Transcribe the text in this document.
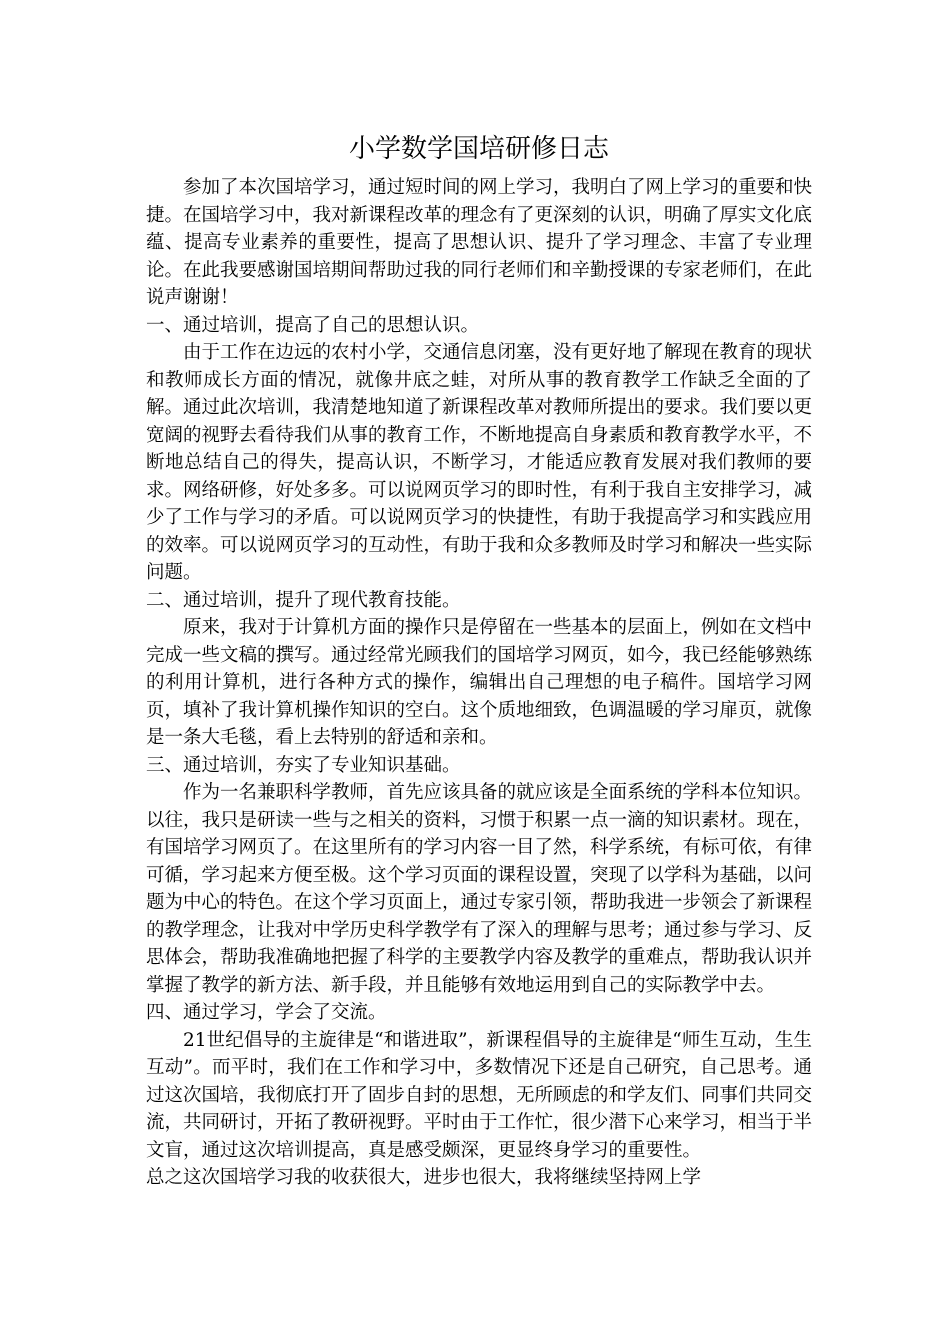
小学数学国培研修日志

参加了本次国培学习，通过短时间的网上学习，我明白了网上学习的重要和快捷。在国培学习中，我对新课程改革的理念有了更深刻的认识，明确了厚实文化底蕴、提高专业素养的重要性，提高了思想认识、提升了学习理念、丰富了专业理论。在此我要感谢国培期间帮助过我的同行老师们和辛勤授课的专家老师们，在此说声谢谢！

一、通过培训，提高了自己的思想认识。

由于工作在边远的农村小学，交通信息闭塞，没有更好地了解现在教育的现状和教师成长方面的情况，就像井底之蛙，对所从事的教育教学工作缺乏全面的了解。通过此次培训，我清楚地知道了新课程改革对教师所提出的要求。我们要以更宽阔的视野去看待我们从事的教育工作，不断地提高自身素质和教育教学水平，不断地总结自己的得失，提高认识，不断学习，才能适应教育发展对我们教师的要求。网络研修，好处多多。可以说网页学习的即时性，有利于我自主安排学习，减少了工作与学习的矛盾。可以说网页学习的快捷性，有助于我提高学习和实践应用的效率。可以说网页学习的互动性，有助于我和众多教师及时学习和解决一些实际问题。

二、通过培训，提升了现代教育技能。

原来，我对于计算机方面的操作只是停留在一些基本的层面上，例如在文档中完成一些文稿的撰写。通过经常光顾我们的国培学习网页，如今，我已经能够熟练的利用计算机，进行各种方式的操作，编辑出自己理想的电子稿件。国培学习网页，填补了我计算机操作知识的空白。这个质地细致，色调温暖的学习扉页，就像是一条大毛毯，看上去特别的舒适和亲和。

三、通过培训，夯实了专业知识基础。

作为一名兼职科学教师，首先应该具备的就应该是全面系统的学科本位知识。以往，我只是研读一些与之相关的资料，习惯于积累一点一滴的知识素材。现在，有国培学习网页了。在这里所有的学习内容一目了然，科学系统，有标可依，有律可循，学习起来方便至极。这个学习页面的课程设置，突现了以学科为基础，以问题为中心的特色。在这个学习页面上，通过专家引领，帮助我进一步领会了新课程的教学理念，让我对中学历史科学教学有了深入的理解与思考；通过参与学习、反思体会，帮助我准确地把握了科学的主要教学内容及教学的重难点，帮助我认识并掌握了教学的新方法、新手段，并且能够有效地运用到自己的实际教学中去。

四、通过学习，学会了交流。

21世纪倡导的主旋律是“和谐进取”，新课程倡导的主旋律是“师生互动，生生互动”。而平时，我们在工作和学习中，多数情况下还是自己研究，自己思考。通过这次国培，我彻底打开了固步自封的思想，无所顾虑的和学友们、同事们共同交流，共同研讨，开拓了教研视野。平时由于工作忙，很少潜下心来学习，相当于半文盲，通过这次培训提高，真是感受颇深，更显终身学习的重要性。

总之这次国培学习我的收获很大，进步也很大，我将继续坚持网上学
